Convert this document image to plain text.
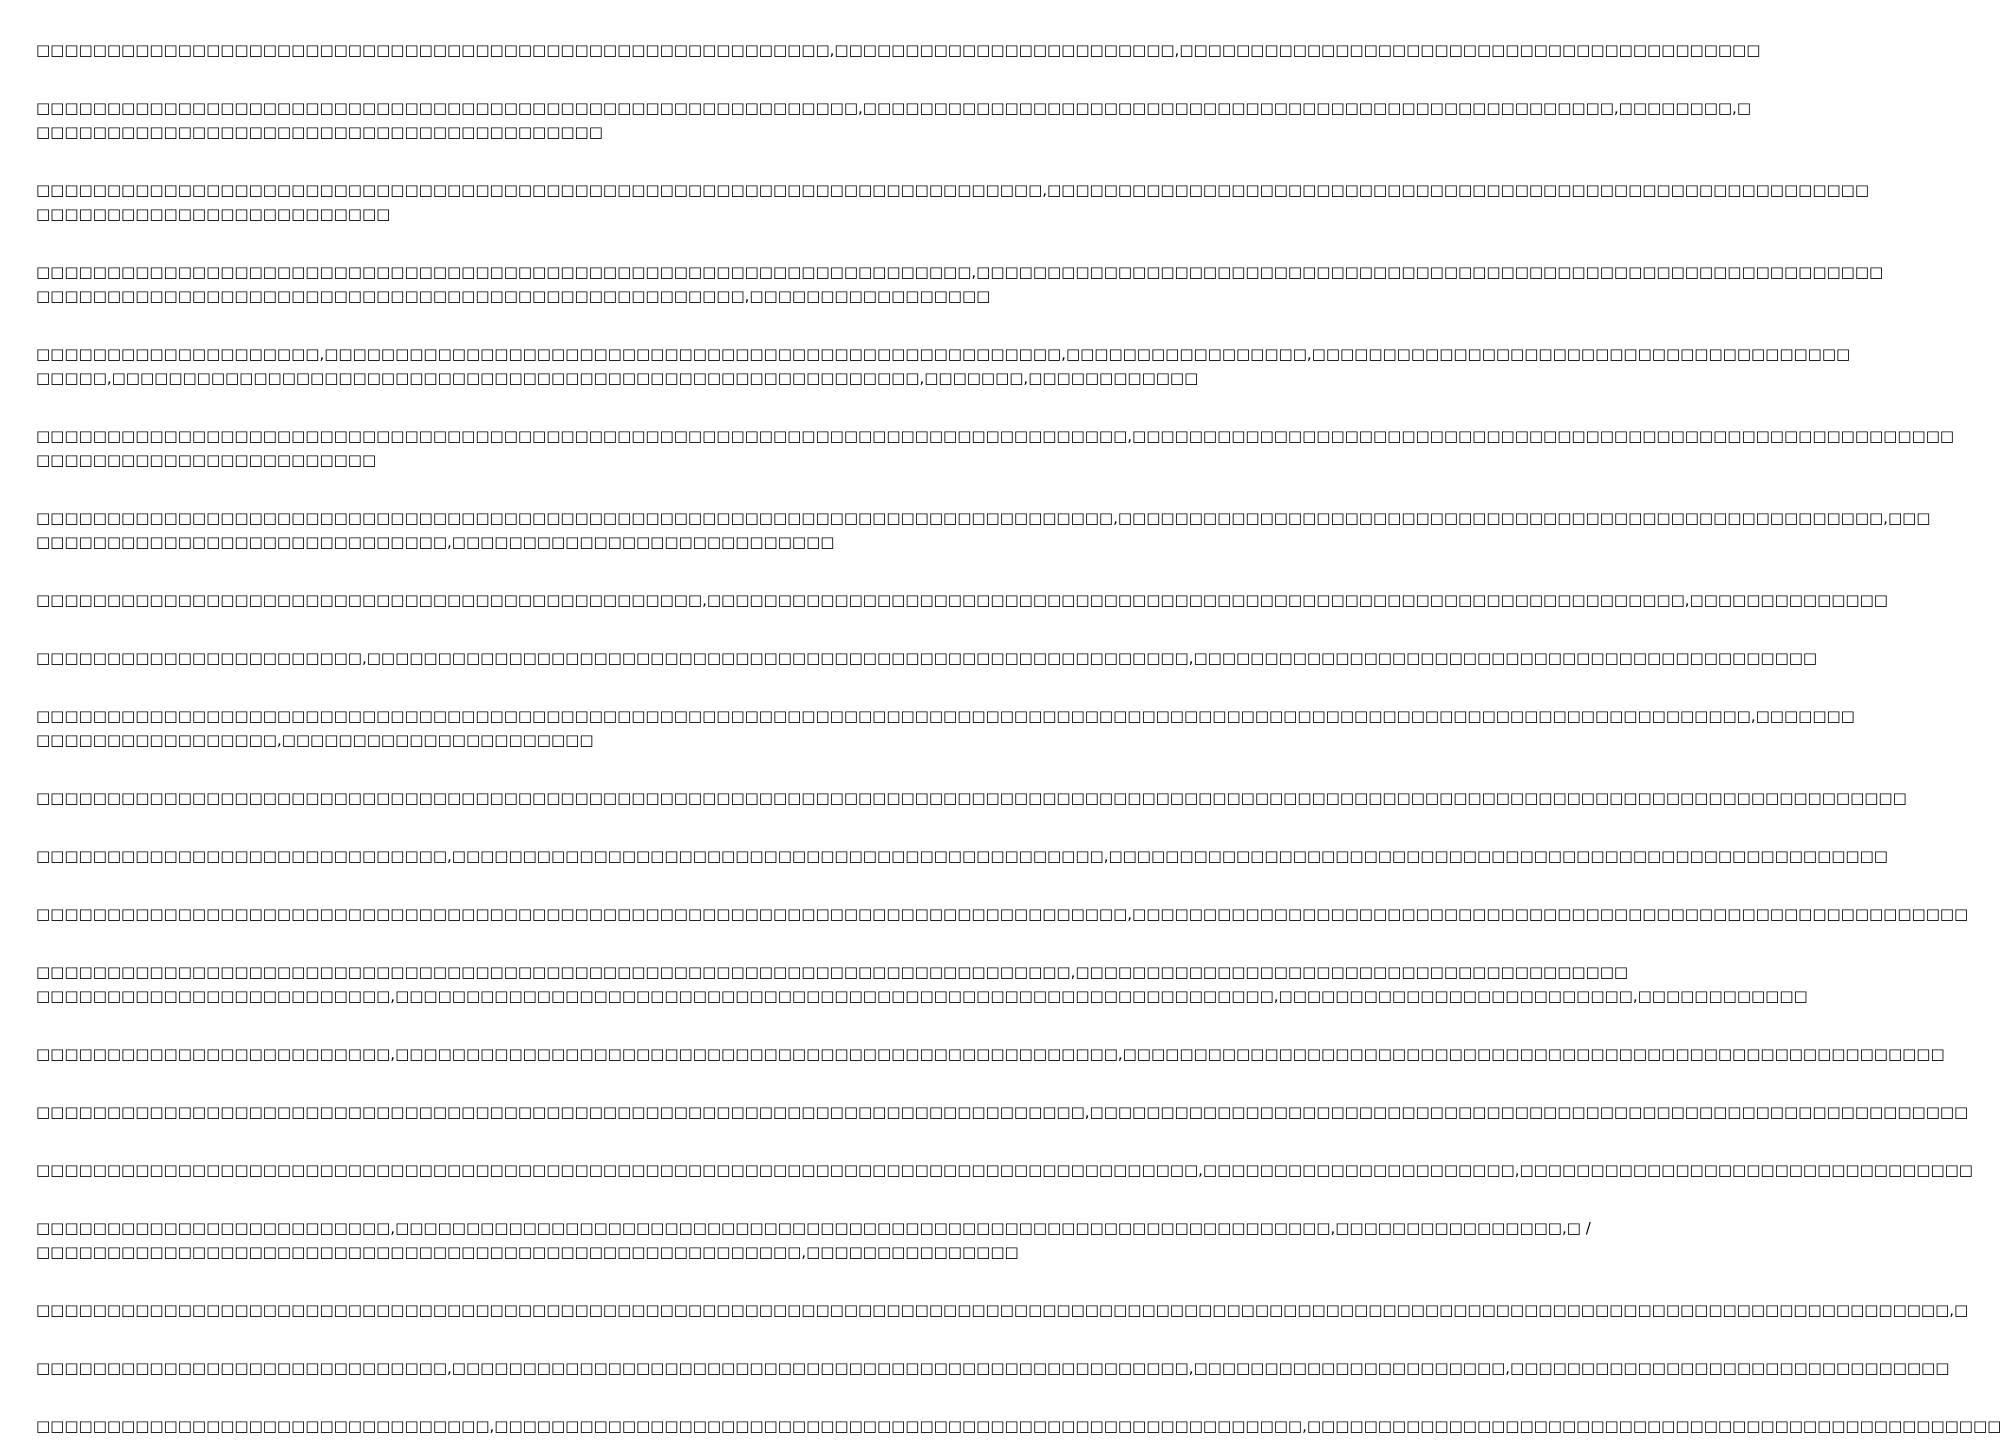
□□□□□□□□□□□□□□□□□□□□□□□□□□□□□□□□□□□□□□□□□□□□□□□□□□□□□□□□,□□□□□□□□□□□□□□□□□□□□□□□□,□□□□□□□□□□□□□□□□□□□□□□□□□□□□□□□□□□□□□□□□□

□□□□□□□□□□□□□□□□□□□□□□□□□□□□□□□□□□□□□□□□□□□□□□□□□□□□□□□□□□,□□□□□□□□□□□□□□□□□□□□□□□□□□□□□□□□□□□□□□□□□□□□□□□□□□□□□,□□□□□□□□,□
□□□□□□□□□□□□□□□□□□□□□□□□□□□□□□□□□□□□□□□□

□□□□□□□□□□□□□□□□□□□□□□□□□□□□□□□□□□□□□□□□□□□□□□□□□□□□□□□□□□□□□□□□□□□□□□□,□□□□□□□□□□□□□□□□□□□□□□□□□□□□□□□□□□□□□□□□□□□□□□□□□□□□□□□□□□
□□□□□□□□□□□□□□□□□□□□□□□□□

□□□□□□□□□□□□□□□□□□□□□□□□□□□□□□□□□□□□□□□□□□□□□□□□□□□□□□□□□□□□□□□□□□,□□□□□□□□□□□□□□□□□□□□□□□□□□□□□□□□□□□□□□□□□□□□□□□□□□□□□□□□□□□□□□□□
□□□□□□□□□□□□□□□□□□□□□□□□□□□□□□□□□□□□□□□□□□□□□□□□□□,□□□□□□□□□□□□□□□□□

□□□□□□□□□□□□□□□□□□□□,□□□□□□□□□□□□□□□□□□□□□□□□□□□□□□□□□□□□□□□□□□□□□□□□□□□□,□□□□□□□□□□□□□□□□□,□□□□□□□□□□□□□□□□□□□□□□□□□□□□□□□□□□□□□□
□□□□□,□□□□□□□□□□□□□□□□□□□□□□□□□□□□□□□□□□□□□□□□□□□□□□□□□□□□□□□□□,□□□□□□□,□□□□□□□□□□□□

□□□□□□□□□□□□□□□□□□□□□□□□□□□□□□□□□□□□□□□□□□□□□□□□□□□□□□□□□□□□□□□□□□□□□□□□□□□□□,□□□□□□□□□□□□□□□□□□□□□□□□□□□□□□□□□□□□□□□□□□□□□□□□□□□□□□□□□□
□□□□□□□□□□□□□□□□□□□□□□□□

□□□□□□□□□□□□□□□□□□□□□□□□□□□□□□□□□□□□□□□□□□□□□□□□□□□□□□□□□□□□□□□□□□□□□□□□□□□□,□□□□□□□□□□□□□□□□□□□□□□□□□□□□□□□□□□□□□□□□□□□□□□□□□□□□□□,□□□
□□□□□□□□□□□□□□□□□□□□□□□□□□□□□,□□□□□□□□□□□□□□□□□□□□□□□□□□□

□□□□□□□□□□□□□□□□□□□□□□□□□□□□□□□□□□□□□□□□□□□□□□□,□□□□□□□□□□□□□□□□□□□□□□□□□□□□□□□□□□□□□□□□□□□□□□□□□□□□□□□□□□□□□□□□□□□□□,□□□□□□□□□□□□□□

□□□□□□□□□□□□□□□□□□□□□□□,□□□□□□□□□□□□□□□□□□□□□□□□□□□□□□□□□□□□□□□□□□□□□□□□□□□□□□□□□□,□□□□□□□□□□□□□□□□□□□□□□□□□□□□□□□□□□□□□□□□□□□□

□□□□□□□□□□□□□□□□□□□□□□□□□□□□□□□□□□□□□□□□□□□□□□□□□□□□□□□□□□□□□□□□□□□□□□□□□□□□□□□□□□□□□□□□□□□□□□□□□□□□□□□□□□□□□□□□□□□□□□□□□,□□□□□□□
□□□□□□□□□□□□□□□□□,□□□□□□□□□□□□□□□□□□□□□□

□□□□□□□□□□□□□□□□□□□□□□□□□□□□□□□□□□□□□□□□□□□□□□□□□□□□□□□□□□□□□□□□□□□□□□□□□□□□□□□□□□□□□□□□□□□□□□□□□□□□□□□□□□□□□□□□□□□□□□□□□□□□□□□□□□□□

□□□□□□□□□□□□□□□□□□□□□□□□□□□□□,□□□□□□□□□□□□□□□□□□□□□□□□□□□□□□□□□□□□□□□□□□□□□□,□□□□□□□□□□□□□□□□□□□□□□□□□□□□□□□□□□□□□□□□□□□□□□□□□□□□□□□

□□□□□□□□□□□□□□□□□□□□□□□□□□□□□□□□□□□□□□□□□□□□□□□□□□□□□□□□□□□□□□□□□□□□□□□□□□□□□,□□□□□□□□□□□□□□□□□□□□□□□□□□□□□□□□□□□□□□□□□□□□□□□□□□□□□□□□□□□

□□□□□□□□□□□□□□□□□□□□□□□□□□□□□□□□□□□□□□□□□□□□□□□□□□□□□□□□□□□□□□□□□□□□□□□□□,□□□□□□□□□□□□□□□□□□□□□□□□□□□□□□□□□□□□□□□
□□□□□□□□□□□□□□□□□□□□□□□□□,□□□□□□□□□□□□□□□□□□□□□□□□□□□□□□□□□□□□□□□□□□□□□□□□□□□□□□□□□□□□□□,□□□□□□□□□□□□□□□□□□□□□□□□□,□□□□□□□□□□□□

□□□□□□□□□□□□□□□□□□□□□□□□□,□□□□□□□□□□□□□□□□□□□□□□□□□□□□□□□□□□□□□□□□□□□□□□□□□□□,□□□□□□□□□□□□□□□□□□□□□□□□□□□□□□□□□□□□□□□□□□□□□□□□□□□□□□□□□□

□□□□□□□□□□□□□□□□□□□□□□□□□□□□□□□□□□□□□□□□□□□□□□□□□□□□□□□□□□□□□□□□□□□□□□□□□□,□□□□□□□□□□□□□□□□□□□□□□□□□□□□□□□□□□□□□□□□□□□□□□□□□□□□□□□□□□□□□□

□□□□□□□□□□□□□□□□□□□□□□□□□□□□□□□□□□□□□□□□□□□□□□□□□□□□□□□□□□□□□□□□□□□□□□□□□□□□□□□□□□,□□□□□□□□□□□□□□□□□□□□□□,□□□□□□□□□□□□□□□□□□□□□□□□□□□□□□□□

□□□□□□□□□□□□□□□□□□□□□□□□□,□□□□□□□□□□□□□□□□□□□□□□□□□□□□□□□□□□□□□□□□□□□□□□□□□□□□□□□□□□□□□□□□□□,□□□□□□□□□□□□□□□□,□ /
□□□□□□□□□□□□□□□□□□□□□□□□□□□□□□□□□□□□□□□□□□□□□□□□□□□□□□,□□□□□□□□□□□□□□□

□□□□□□□□□□□□□□□□□□□□□□□□□□□□□□□□□□□□□□□□□□□□□□□□□□□□□□□□□□□□□□□□□□□□□□□□□□□□□□□□□□□□□□□□□□□□□□□□□□□□□□□□□□□□□□□□□□□□□□□□□□□□□□□□□□□□□□□,□

□□□□□□□□□□□□□□□□□□□□□□□□□□□□□,□□□□□□□□□□□□□□□□□□□□□□□□□□□□□□□□□□□□□□□□□□□□□□□□□□□□,□□□□□□□□□□□□□□□□□□□□□□,□□□□□□□□□□□□□□□□□□□□□□□□□□□□□□□

□□□□□□□□□□□□□□□□□□□□□□□□□□□□□□□□,□□□□□□□□□□□□□□□□□□□□□□□□□□□□□□□□□□□□□□□□□□□□□□□□□□□□□□□□□,□□□□□□□□□□□□□□□□□□□□□□□□□□□□□□□□□□□□□□□□□□□□□□□□□
